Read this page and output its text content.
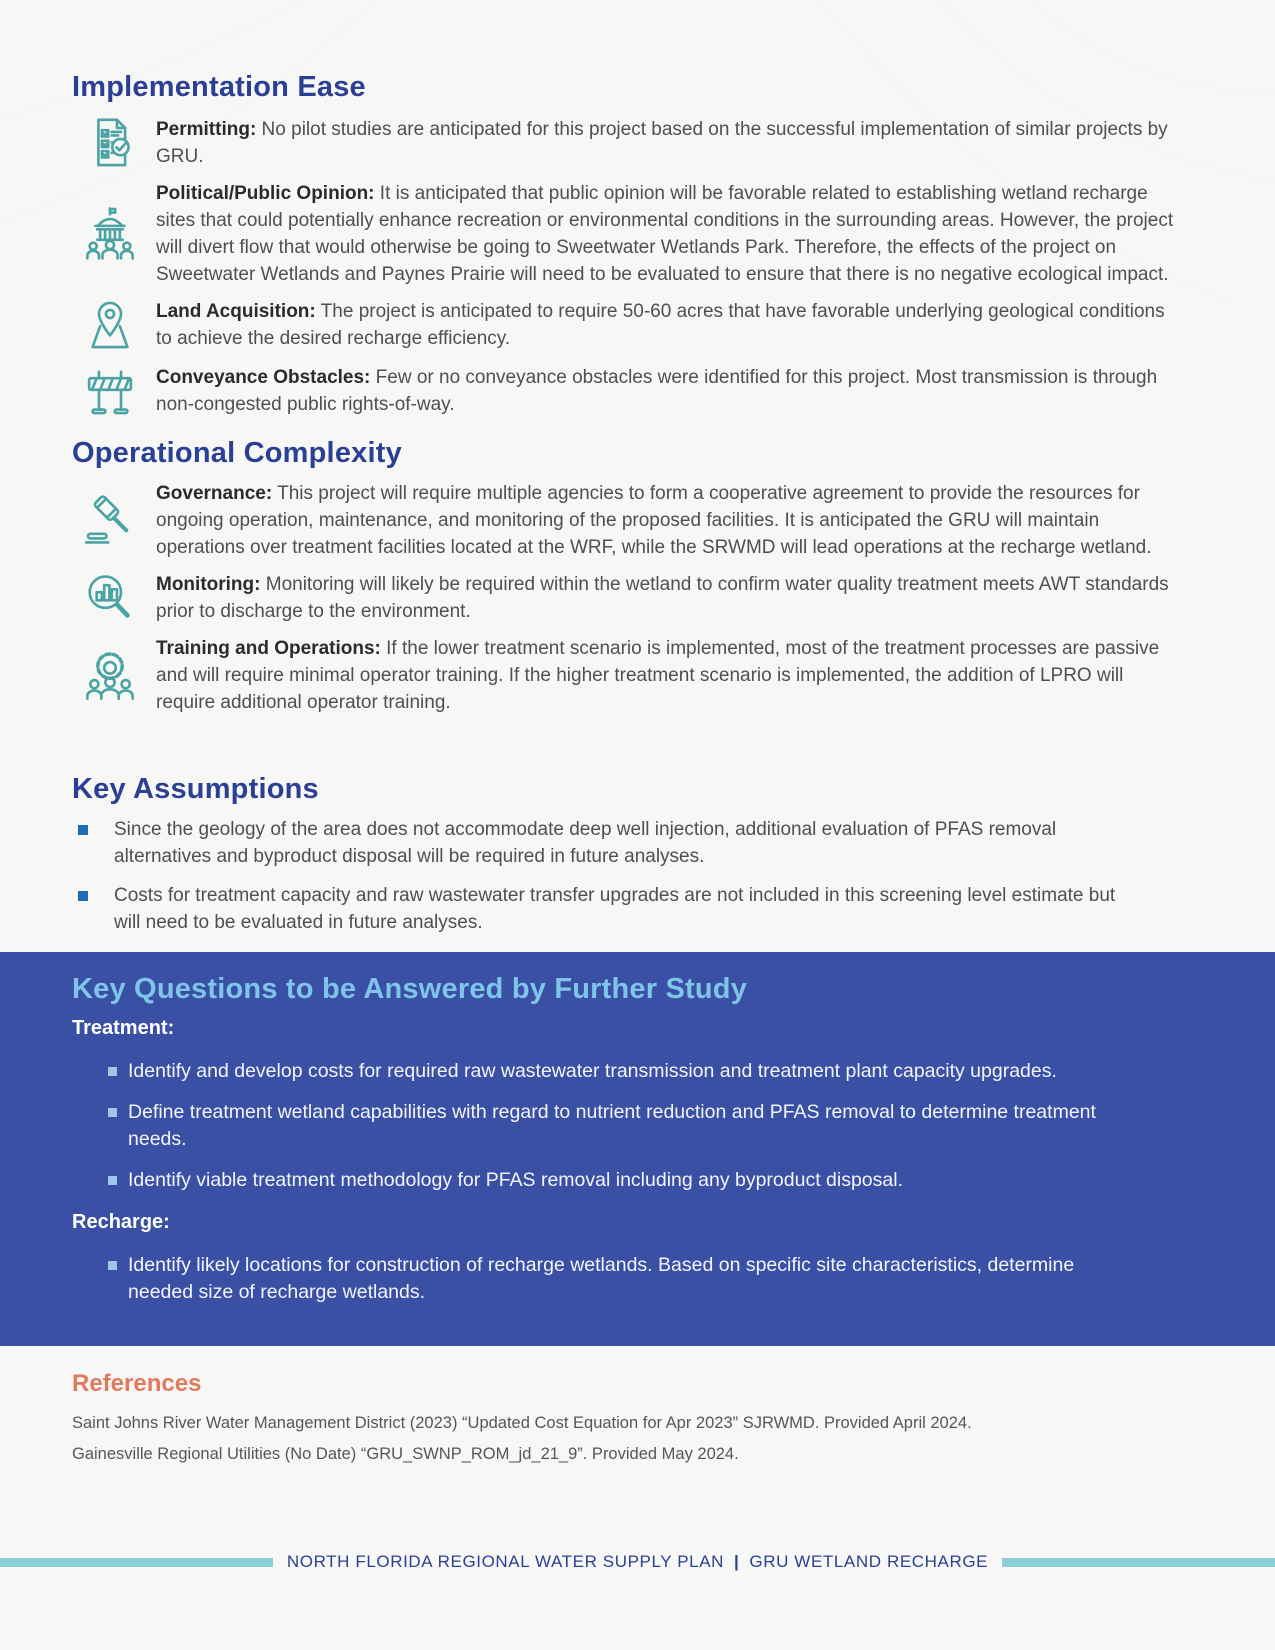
Implementation Ease

Permitting: No pilot studies are anticipated for this project based on the successful implementation of similar projects by GRU.

Political/Public Opinion: It is anticipated that public opinion will be favorable related to establishing wetland recharge sites that could potentially enhance recreation or environmental conditions in the surrounding areas. However, the project will divert flow that would otherwise be going to Sweetwater Wetlands Park. Therefore, the effects of the project on Sweetwater Wetlands and Paynes Prairie will need to be evaluated to ensure that there is no negative ecological impact.

Land Acquisition: The project is anticipated to require 50-60 acres that have favorable underlying geological conditions to achieve the desired recharge efficiency.

Conveyance Obstacles: Few or no conveyance obstacles were identified for this project. Most transmission is through non-congested public rights-of-way.

Operational Complexity

Governance: This project will require multiple agencies to form a cooperative agreement to provide the resources for ongoing operation, maintenance, and monitoring of the proposed facilities. It is anticipated the GRU will maintain operations over treatment facilities located at the WRF, while the SRWMD will lead operations at the recharge wetland.

Monitoring: Monitoring will likely be required within the wetland to confirm water quality treatment meets AWT standards prior to discharge to the environment.

Training and Operations: If the lower treatment scenario is implemented, most of the treatment processes are passive and will require minimal operator training. If the higher treatment scenario is implemented, the addition of LPRO will require additional operator training.

Key Assumptions

Since the geology of the area does not accommodate deep well injection, additional evaluation of PFAS removal alternatives and byproduct disposal will be required in future analyses.

Costs for treatment capacity and raw wastewater transfer upgrades are not included in this screening level estimate but will need to be evaluated in future analyses.

Key Questions to be Answered by Further Study

Treatment:

Identify and develop costs for required raw wastewater transmission and treatment plant capacity upgrades.

Define treatment wetland capabilities with regard to nutrient reduction and PFAS removal to determine treatment needs.

Identify viable treatment methodology for PFAS removal including any byproduct disposal.

Recharge:

Identify likely locations for construction of recharge wetlands. Based on specific site characteristics, determine needed size of recharge wetlands.

References

Saint Johns River Water Management District (2023) “Updated Cost Equation for Apr 2023” SJRWMD. Provided April 2024.

Gainesville Regional Utilities (No Date) “GRU_SWNP_ROM_jd_21_9”. Provided May 2024.

NORTH FLORIDA REGIONAL WATER SUPPLY PLAN | GRU WETLAND RECHARGE
